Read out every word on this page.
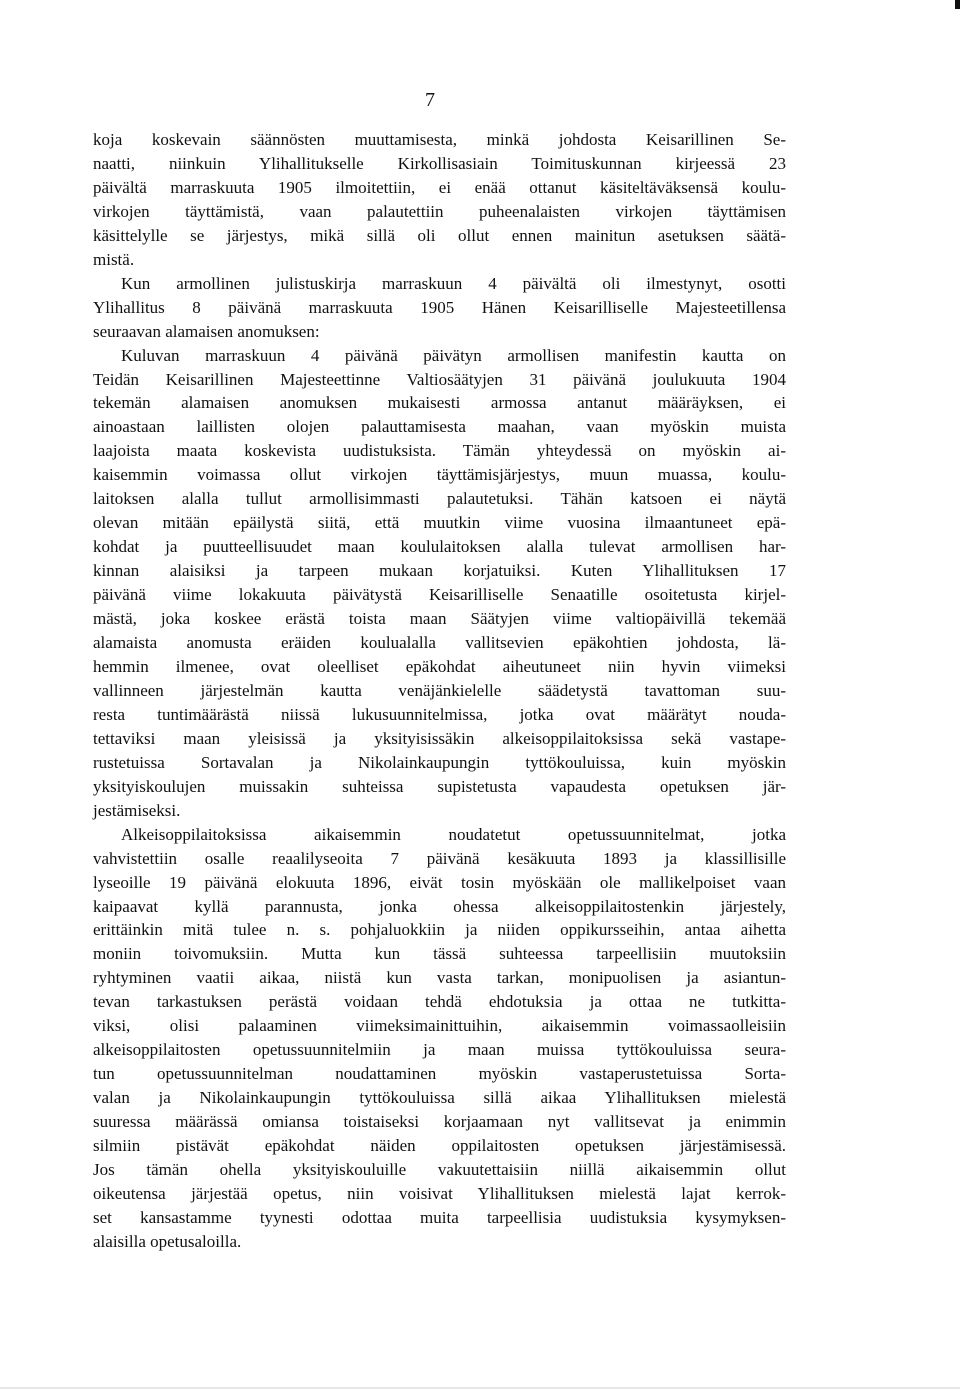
7
koja koskevain säännösten muuttamisesta, minkä johdosta Keisarillinen Se-
naatti, niinkuin Ylihallitukselle Kirkollisasiain Toimituskunnan kirjeessä 23
päivältä marraskuuta 1905 ilmoitettiin, ei enää ottanut käsiteltäväksensä koulu-
virkojen täyttämistä, vaan palautettiin puheenalaisten virkojen täyttämisen
käsittelylle se järjestys, mikä sillä oli ollut ennen mainitun asetuksen säätä-
mistä.
Kun armollinen julistuskirja marraskuun 4 päivältä oli ilmestynyt, osotti
Ylihallitus 8 päivänä marraskuuta 1905 Hänen Keisarilliselle Majesteetillensa
seuraavan alamaisen anomuksen:
Kuluvan marraskuun 4 päivänä päivätyn armollisen manifestin kautta on
Teidän Keisarillinen Majesteettinne Valtiosäätyjen 31 päivänä joulukuuta 1904
tekemän alamaisen anomuksen mukaisesti armossa antanut määräyksen, ei
ainoastaan laillisten olojen palauttamisesta maahan, vaan myöskin muista
laajoista maata koskevista uudistuksista. Tämän yhteydessä on myöskin ai-
kaisemmin voimassa ollut virkojen täyttämisjärjestys, muun muassa, koulu-
laitoksen alalla tullut armollisimmasti palautetuksi. Tähän katsoen ei näytä
olevan mitään epäilystä siitä, että muutkin viime vuosina ilmaantuneet epä-
kohdat ja puutteellisuudet maan koululaitoksen alalla tulevat armollisen har-
kinnan alaisiksi ja tarpeen mukaan korjatuiksi. Kuten Ylihallituksen 17
päivänä viime lokakuuta päivätystä Keisarilliselle Senaatille osoitetusta kirjel-
mästä, joka koskee erästä toista maan Säätyjen viime valtiopäivillä tekemää
alamaista anomusta eräiden koulualalla vallitsevien epäkohtien johdosta, lä-
hemmin ilmenee, ovat oleelliset epäkohdat aiheutuneet niin hyvin viimeksi
vallinneen järjestelmän kautta venäjänkielelle säädetystä tavattoman suu-
resta tuntimäärästä niissä lukusuunnitelmissa, jotka ovat määrätyt nouda-
tettaviksi maan yleisissä ja yksityisissäkin alkeisoppilaitoksissa sekä vastape-
rustetuissa Sortavalan ja Nikolainkaupungin tyttökouluissa, kuin myöskin
yksityiskoulujen muissakin suhteissa supistetusta vapaudesta opetuksen jär-
jestämiseksi.
Alkeisoppilaitoksissa aikaisemmin noudatetut opetussuunnitelmat, jotka
vahvistettiin osalle reaalilyseoita 7 päivänä kesäkuuta 1893 ja klassillisille
lyseoille 19 päivänä elokuuta 1896, eivät tosin myöskään ole mallikelpoiset vaan
kaipaavat kyllä parannusta, jonka ohessa alkeisoppilaitostenkin järjestely,
erittäinkin mitä tulee n. s. pohjaluokkiin ja niiden oppikursseihin, antaa aihetta
moniin toivomuksiin. Mutta kun tässä suhteessa tarpeellisiin muutoksiin
ryhtyminen vaatii aikaa, niistä kun vasta tarkan, monipuolisen ja asiantun-
tevan tarkastuksen perästä voidaan tehdä ehdotuksia ja ottaa ne tutkitta-
viksi, olisi palaaminen viimeksimainittuihin, aikaisemmin voimassaolleisiin
alkeisoppilaitosten opetussuunnitelmiin ja maan muissa tyttökouluissa seura-
tun opetussuunnitelman noudattaminen myöskin vastaperustetuissa Sorta-
valan ja Nikolainkaupungin tyttökouluissa sillä aikaa Ylihallituksen mielestä
suuressa määrässä omiansa toistaiseksi korjaamaan nyt vallitsevat ja enimmin
silmiin pistävät epäkohdat näiden oppilaitosten opetuksen järjestämisessä.
Jos tämän ohella yksityiskouluille vakuutettaisiin niillä aikaisemmin ollut
oikeutensa järjestää opetus, niin voisivat Ylihallituksen mielestä lajat kerrok-
set kansastamme tyynesti odottaa muita tarpeellisia uudistuksia kysymyksen-
alaisilla opetusaloilla.
